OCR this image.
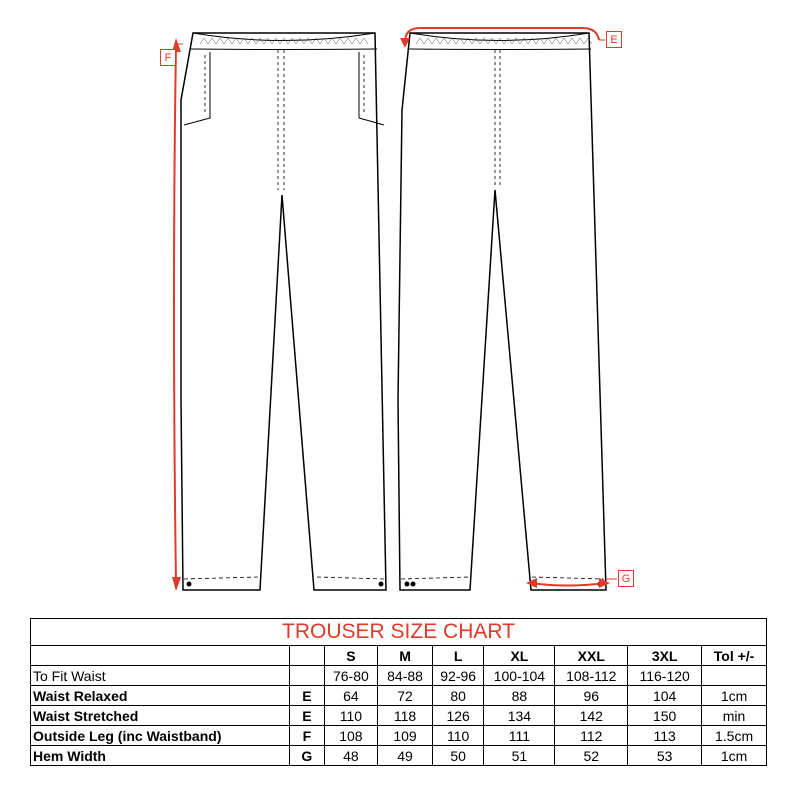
F
E
G
TROUSER SIZE CHART								
		S	M	L	XL	XXL	3XL	Tol +/-
To Fit Waist		76-80	84-88	92-96	100-104	108-112	116-120	
Waist Relaxed	E	64	72	80	88	96	104	1cm
Waist Stretched	E	110	118	126	134	142	150	min
Outside Leg (inc Waistband)	F	108	109	110	111	112	113	1.5cm
Hem Width	G	48	49	50	51	52	53	1cm
